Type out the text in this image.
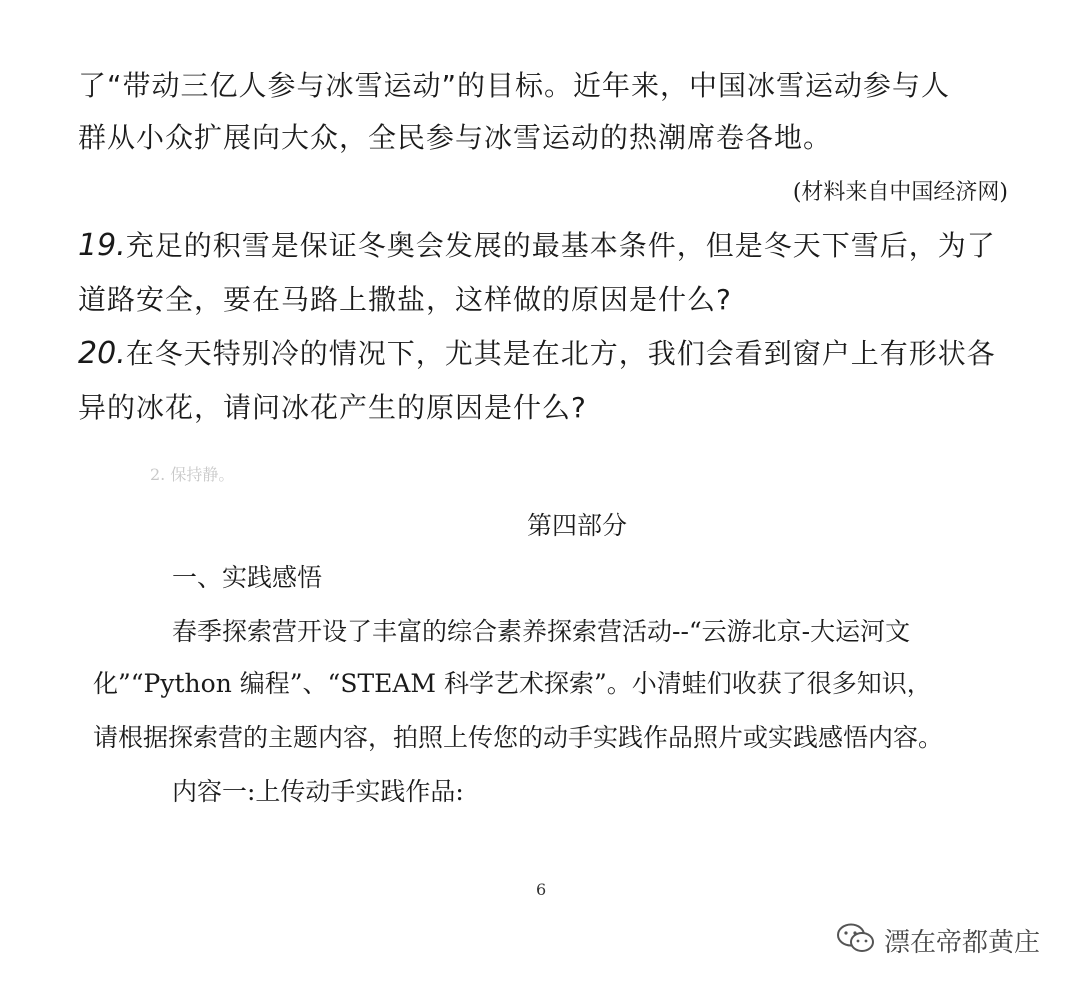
了“带动三亿人参与冰雪运动”的目标。近年来，中国冰雪运动参与人
群从小众扩展向大众，全民参与冰雪运动的热潮席卷各地。
(材料来自中国经济网)
19.充足的积雪是保证冬奥会发展的最基本条件，但是冬天下雪后，为了
道路安全，要在马路上撒盐，这样做的原因是什么?
20.在冬天特别冷的情况下，尤其是在北方，我们会看到窗户上有形状各
异的冰花，请问冰花产生的原因是什么?
2. 保持静。
第四部分
一、实践感悟
春季探索营开设了丰富的综合素养探索营活动--“云游北京-大运河文
化”“Python 编程”、“STEAM 科学艺术探索”。小清蛙们收获了很多知识，
请根据探索营的主题内容，拍照上传您的动手实践作品照片或实践感悟内容。
内容一:上传动手实践作品:
6
漂在帝都黄庄
